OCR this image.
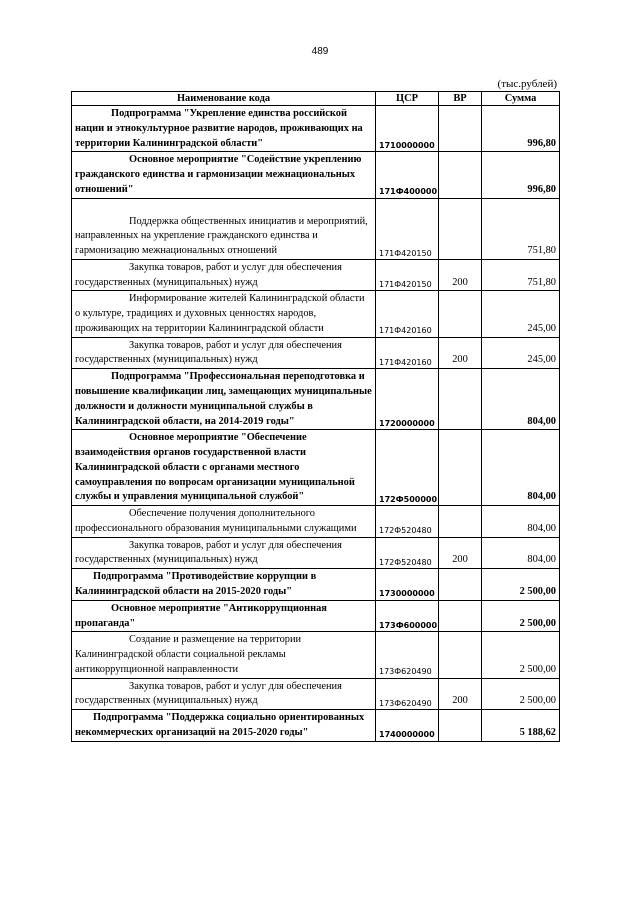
489
(тыс.рублей)
Наименование кода	ЦСР	ВР	Сумма
Подпрограмма "Укрепление единства российской нации и этнокультурное развитие народов, проживающих на территории Калининградской области"	1710000000		996,80
Основное мероприятие "Содействие укреплению гражданского единства и гармонизации межнациональных отношений"	171Ф400000		996,80
Поддержка общественных инициатив и мероприятий, направленных на укрепление гражданского единства и гармонизацию межнациональных отношений	171Ф420150		751,80
Закупка товаров, работ и услуг для обеспечения государственных (муниципальных) нужд	171Ф420150	200	751,80
Информирование жителей Калининградской области о культуре, традициях и духовных ценностях народов, проживающих на территории Калининградской области	171Ф420160		245,00
Закупка товаров, работ и услуг для обеспечения государственных (муниципальных) нужд	171Ф420160	200	245,00
Подпрограмма "Профессиональная переподготовка и повышение квалификации лиц, замещающих муниципальные должности и должности муниципальной службы в Калининградской области, на 2014-2019 годы"	1720000000		804,00
Основное мероприятие "Обеспечение взаимодействия органов государственной власти Калининградской области с органами местного самоуправления по вопросам организации муниципальной службы и управления муниципальной службой"	172Ф500000		804,00
Обеспечение получения дополнительного профессионального образования муниципальными служащими	172Ф520480		804,00
Закупка товаров, работ и услуг для обеспечения государственных (муниципальных) нужд	172Ф520480	200	804,00
Подпрограмма "Противодействие коррупции в Калининградской области на 2015-2020 годы"	1730000000		2 500,00
Основное мероприятие "Антикоррупционная пропаганда"	173Ф600000		2 500,00
Создание и размещение на территории Калининградской области социальной рекламы антикоррупционной направленности	173Ф620490		2 500,00
Закупка товаров, работ и услуг для обеспечения государственных (муниципальных) нужд	173Ф620490	200	2 500,00
Подпрограмма "Поддержка социально ориентированных некоммерческих организаций на 2015-2020 годы"	1740000000		5 188,62
